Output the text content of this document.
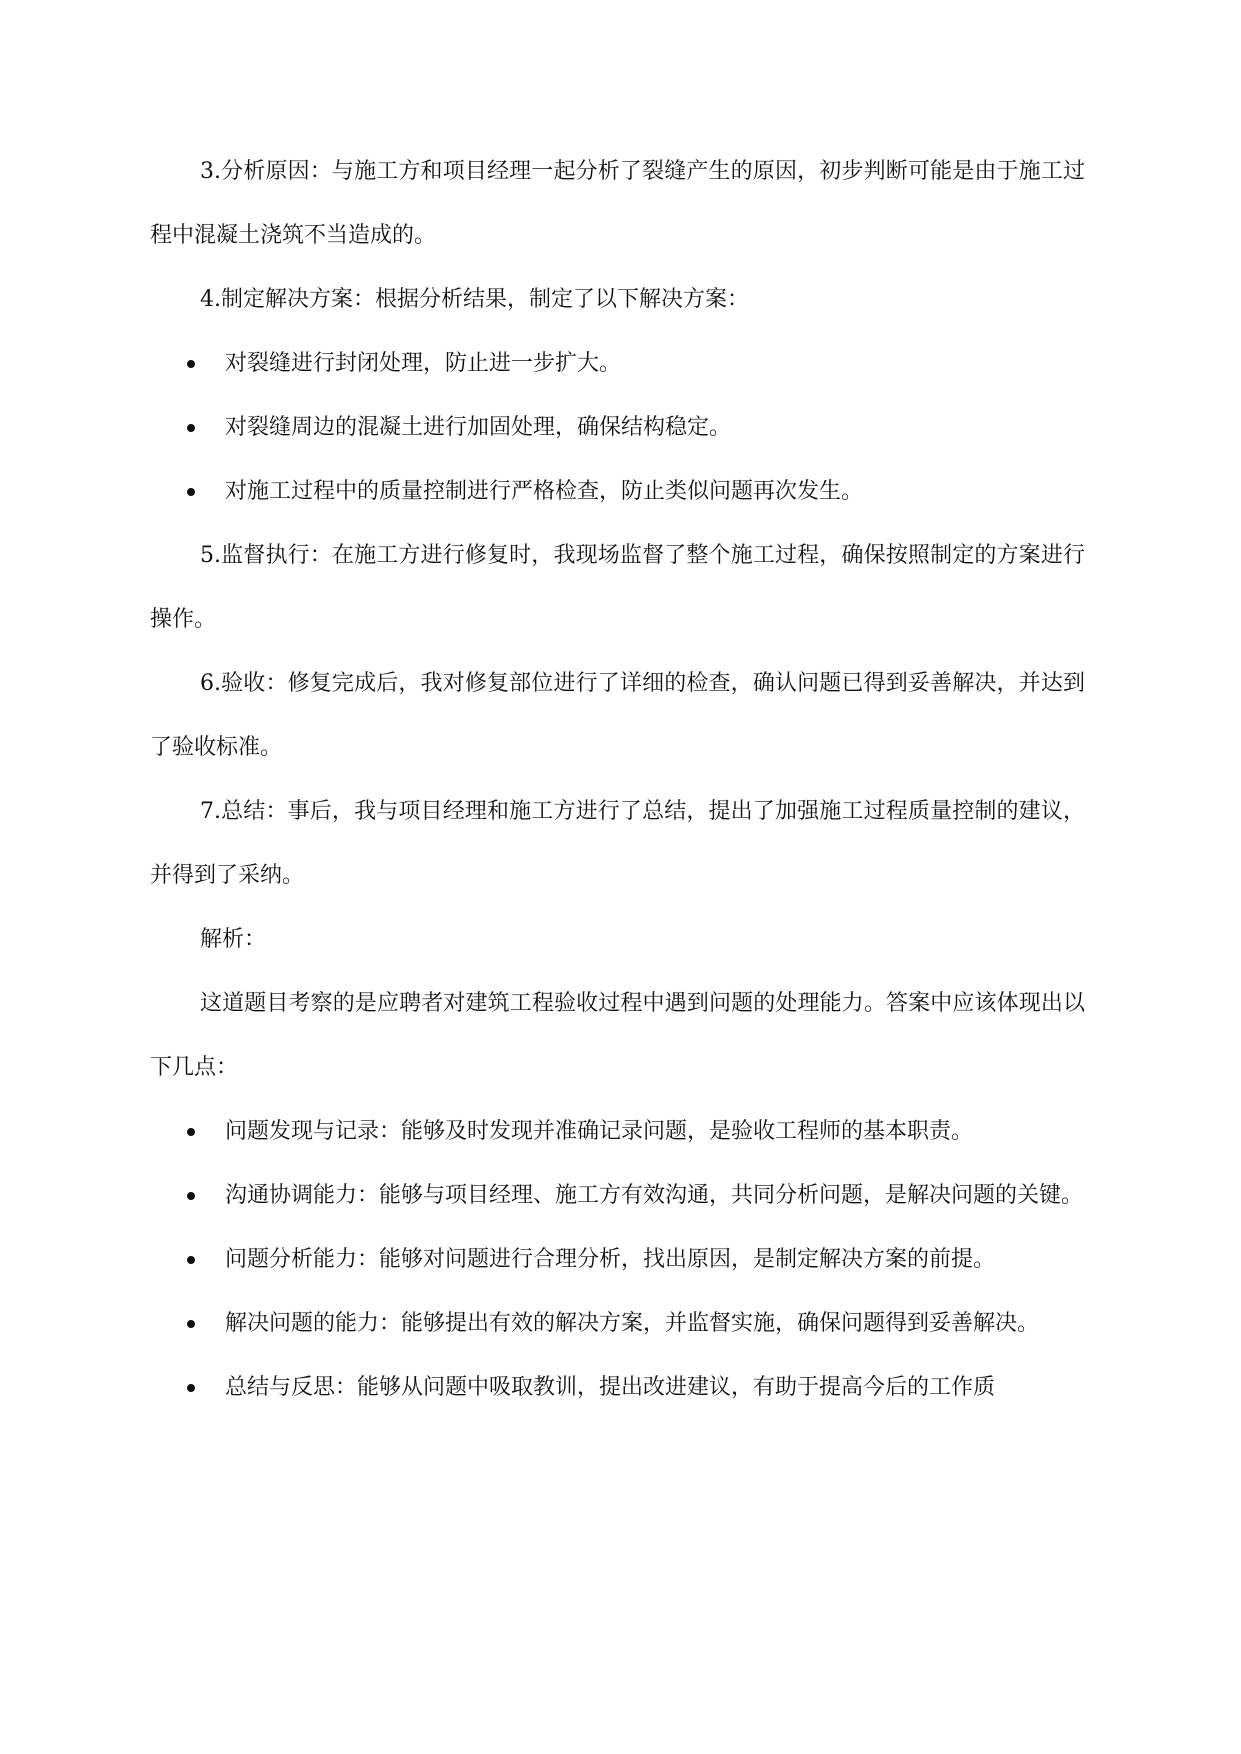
3.分析原因：与施工方和项目经理一起分析了裂缝产生的原因，初步判断可能是由于施工过程中混凝土浇筑不当造成的。

4.制定解决方案：根据分析结果，制定了以下解决方案：

对裂缝进行封闭处理，防止进一步扩大。
对裂缝周边的混凝土进行加固处理，确保结构稳定。
对施工过程中的质量控制进行严格检查，防止类似问题再次发生。

5.监督执行：在施工方进行修复时，我现场监督了整个施工过程，确保按照制定的方案进行操作。

6.验收：修复完成后，我对修复部位进行了详细的检查，确认问题已得到妥善解决，并达到了验收标准。

7.总结：事后，我与项目经理和施工方进行了总结，提出了加强施工过程质量控制的建议，并得到了采纳。

解析：

这道题目考察的是应聘者对建筑工程验收过程中遇到问题的处理能力。答案中应该体现出以下几点：

问题发现与记录：能够及时发现并准确记录问题，是验收工程师的基本职责。
沟通协调能力：能够与项目经理、施工方有效沟通，共同分析问题，是解决问题的关键。
问题分析能力：能够对问题进行合理分析，找出原因，是制定解决方案的前提。
解决问题的能力：能够提出有效的解决方案，并监督实施，确保问题得到妥善解决。
总结与反思：能够从问题中吸取教训，提出改进建议，有助于提高今后的工作质
